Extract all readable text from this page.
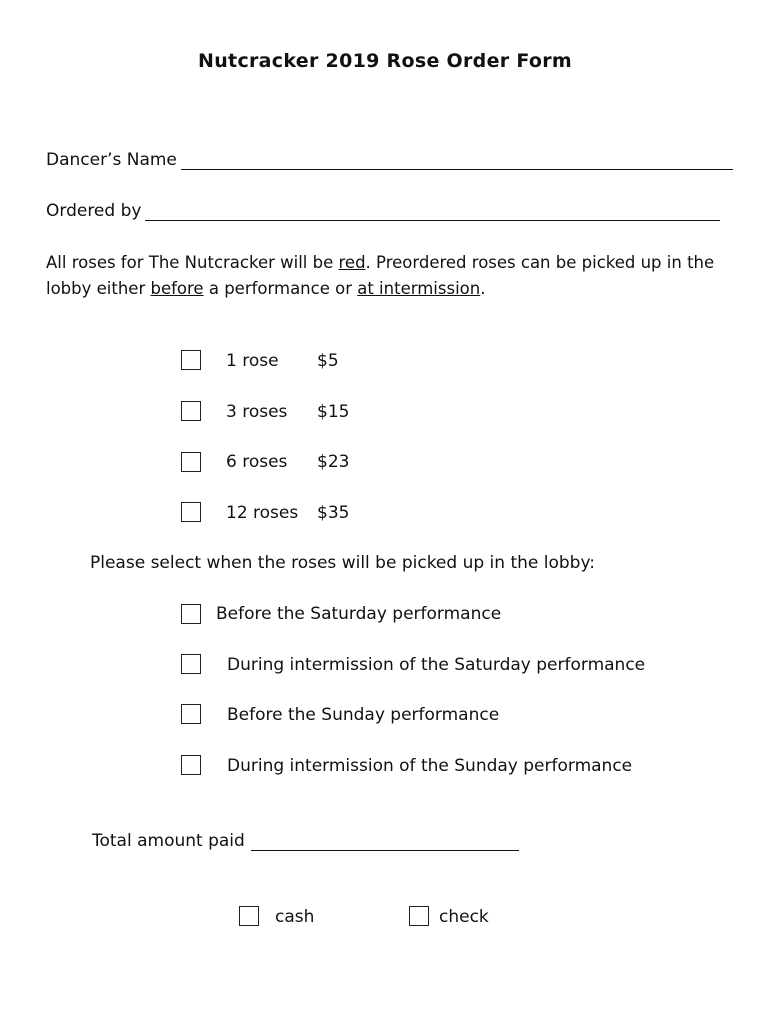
Nutcracker 2019 Rose Order Form
Dancer’s Name
Ordered by
All roses for The Nutcracker will be red. Preordered roses can be picked up in the lobby either before a performance or at intermission.
1 rose $5
3 roses $15
6 roses $23
12 roses $35
Please select when the roses will be picked up in the lobby:
Before the Saturday performance
During intermission of the Saturday performance
Before the Sunday performance
During intermission of the Sunday performance
Total amount paid
cash	check
